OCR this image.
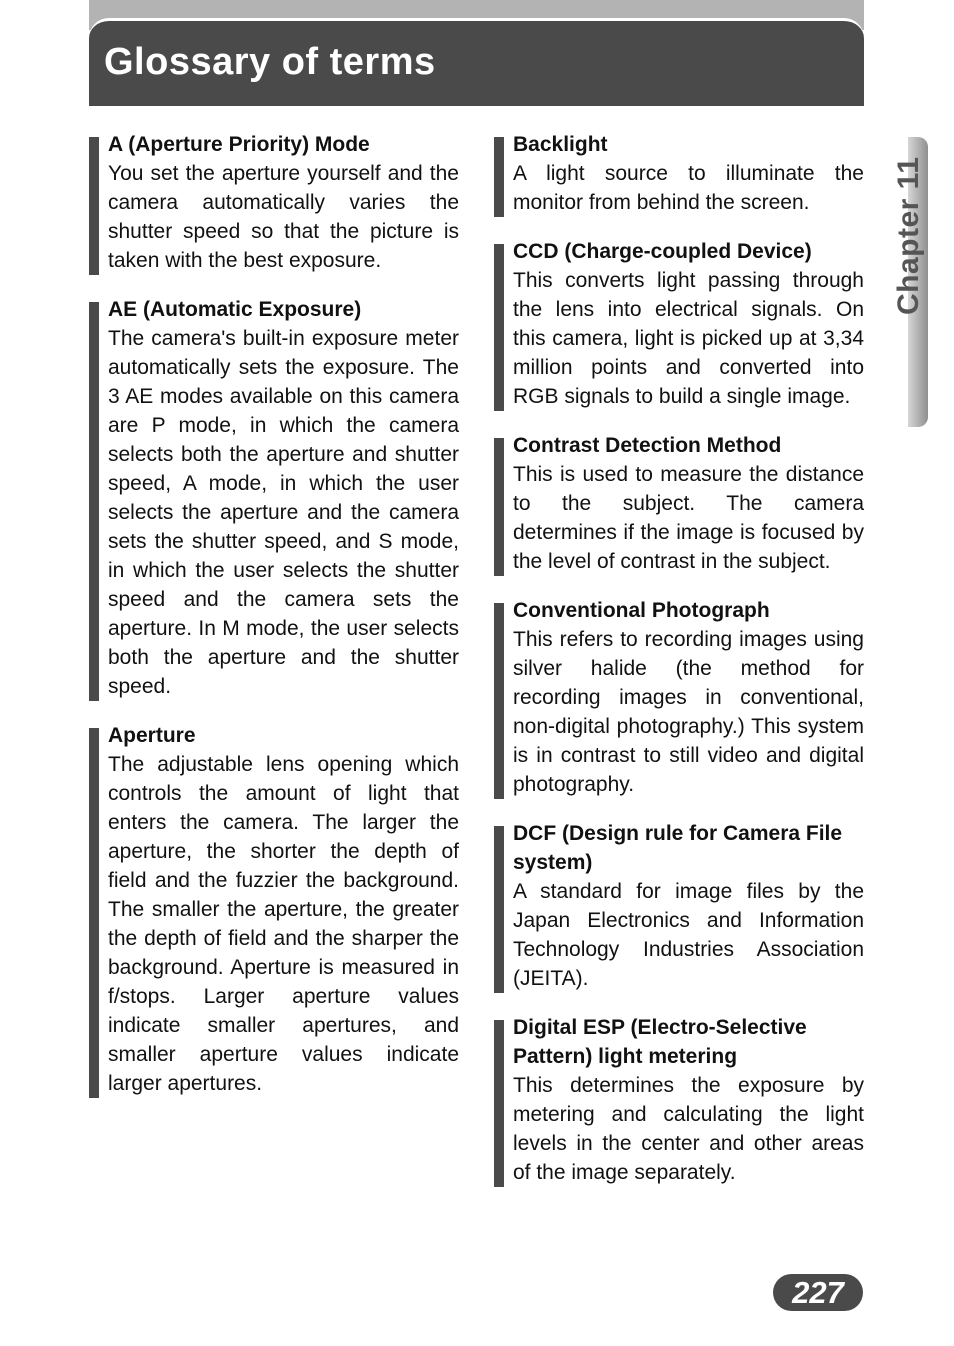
Glossary of terms

A (Aperture Priority) Mode

You set the aperture yourself and the camera automatically varies the shutter speed so that the picture is taken with the best exposure.

AE (Automatic Exposure)

The camera's built-in exposure meter automatically sets the exposure. The 3 AE modes available on this camera are P mode, in which the camera selects both the aperture and shutter speed, A mode, in which the user selects the aperture and the camera sets the shutter speed, and S mode, in which the user selects the shutter speed and the camera sets the aperture. In M mode, the user selects both the aperture and the shutter speed.

Aperture

The adjustable lens opening which controls the amount of light that enters the camera. The larger the aperture, the shorter the depth of field and the fuzzier the background. The smaller the aperture, the greater the depth of field and the sharper the background. Aperture is measured in f/stops. Larger aperture values indicate smaller apertures, and smaller aperture values indicate larger apertures.

Backlight

A light source to illuminate the monitor from behind the screen.

CCD (Charge-coupled Device)

This converts light passing through the lens into electrical signals. On this camera, light is picked up at 3,34 million points and converted into RGB signals to build a single image.

Contrast Detection Method

This is used to measure the distance to the subject. The camera determines if the image is focused by the level of contrast in the subject.

Conventional Photograph

This refers to recording images using silver halide (the method for recording images in conventional, non-digital photography.) This system is in contrast to still video and digital photography.

DCF (Design rule for Camera File system)

A standard for image files by the Japan Electronics and Information Technology Industries Association (JEITA).

Digital ESP (Electro-Selective Pattern) light metering

This determines the exposure by metering and calculating the light levels in the center and other areas of the image separately.

Chapter 11
227
